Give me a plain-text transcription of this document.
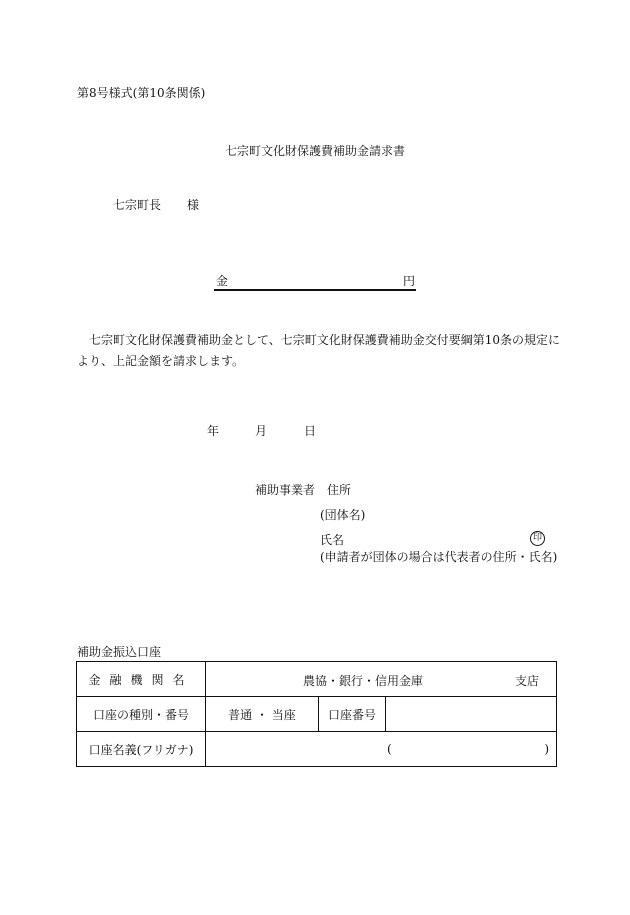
第8号様式(第10条関係)
七宗町文化財保護費補助金請求書
七宗町長 様
金	円
七宗町文化財保護費補助金として、七宗町文化財保護費補助金交付要綱第10条の規定により、上記金額を請求します。
年	月	日
補助事業者 住所
(団体名)
氏名	印
(申請者が団体の場合は代表者の住所・氏名)
補助金振込口座
金融機関名	農協・銀行・信用金庫 支店		

口座の種別・番号	普通 ・ 当座	口座番号	
口座名義(フリガナ)	( )		
